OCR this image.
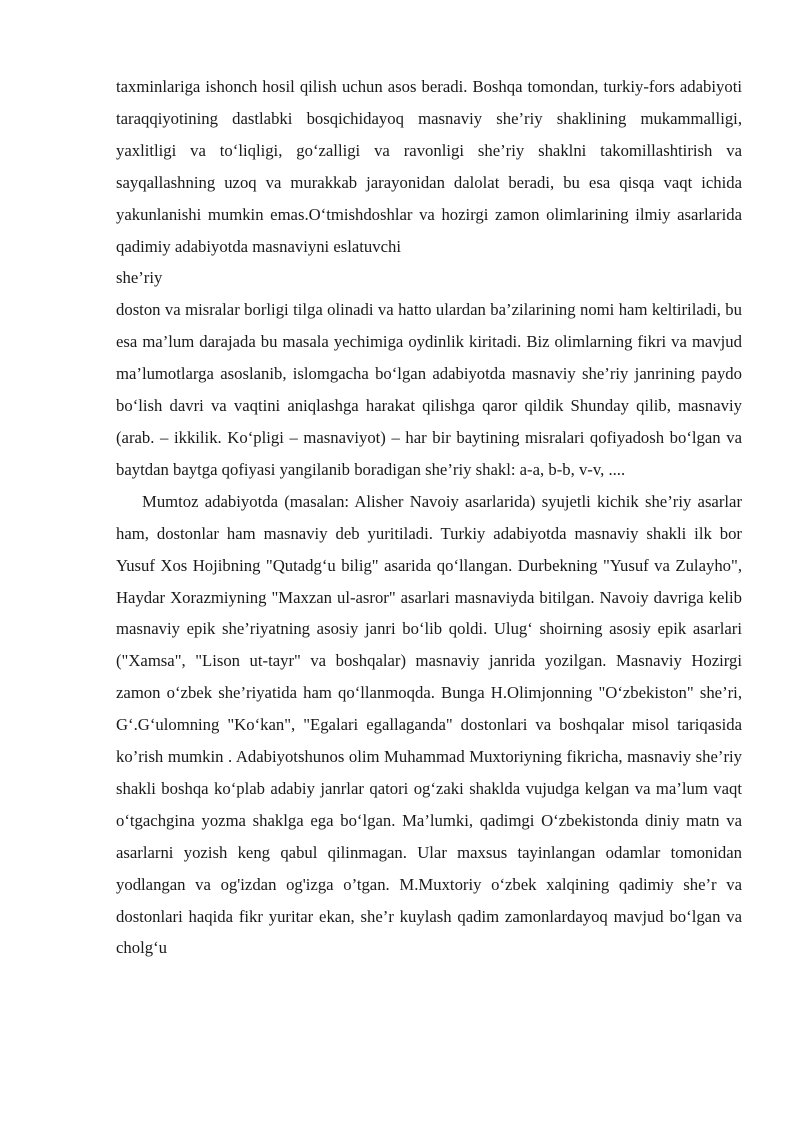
taxminlariga ishonch hosil qilish uchun asos beradi. Boshqa tomondan, turkiy-fors adabiyoti taraqqiyotining dastlabki bosqichidayoq masnaviy she’riy shaklining mukammalligi, yaxlitligi va to‘liqligi, go‘zalligi va ravonligi she’riy shaklni takomillashtirish va sayqallashning uzoq va murakkab jarayonidan dalolat beradi, bu esa qisqa vaqt ichida yakunlanishi mumkin emas.O‘tmishdoshlar va hozirgi zamon olimlarining ilmiy asarlarida qadimiy adabiyotda masnaviyni eslatuvchi

she’riy

doston va misralar borligi tilga olinadi va hatto ulardan ba’zilarining nomi ham keltiriladi, bu esa ma’lum darajada bu masala yechimiga oydinlik kiritadi. Biz olimlarning fikri va mavjud ma’lumotlarga asoslanib, islomgacha bo‘lgan adabiyotda masnaviy she’riy janrining paydo bo‘lish davri va vaqtini aniqlashga harakat qilishga qaror qildik Shunday qilib, masnaviy (arab. – ikkilik. Ko‘pligi – masnaviyot) – har bir baytining misralari qofiyadosh bo‘lgan va baytdan baytga qofiyasi yangilanib boradigan she’riy shakl: a-a, b-b, v-v, ....

Mumtoz adabiyotda (masalan: Alisher Navoiy asarlarida) syujetli kichik she’riy asarlar ham, dostonlar ham masnaviy deb yuritiladi. Turkiy adabiyotda masnaviy shakli ilk bor Yusuf Xos Hojibning "Qutadg‘u bilig" asarida qo‘llangan. Durbekning "Yusuf va Zulayho", Haydar Xorazmiyning "Maxzan ul-asror" asarlari masnaviyda bitilgan. Navoiy davriga kelib masnaviy epik she’riyatning asosiy janri bo‘lib qoldi. Ulug‘ shoirning asosiy epik asarlari ("Xamsa", "Lison ut-tayr" va boshqalar) masnaviy janrida yozilgan. Masnaviy Hozirgi zamon o‘zbek she’riyatida ham qo‘llanmoqda. Bunga H.Olimjonning "O‘zbekiston" she’ri, G‘.G‘ulomning "Ko‘kan", "Egalari egallaganda" dostonlari va boshqalar misol tariqasida ko’rish mumkin . Adabiyotshunos olim Muhammad Muxtoriyning fikricha, masnaviy she’riy shakli boshqa ko‘plab adabiy janrlar qatori og‘zaki shaklda vujudga kelgan va ma’lum vaqt o‘tgachgina yozma shaklga ega bo‘lgan. Ma’lumki, qadimgi O‘zbekistonda diniy matn va asarlarni yozish keng qabul qilinmagan. Ular maxsus tayinlangan odamlar tomonidan yodlangan va og'izdan og'izga o’tgan. M.Muxtoriy o‘zbek xalqining qadimiy she’r va dostonlari haqida fikr yuritar ekan, she’r kuylash qadim zamonlardayoq mavjud bo‘lgan va cholg‘u
